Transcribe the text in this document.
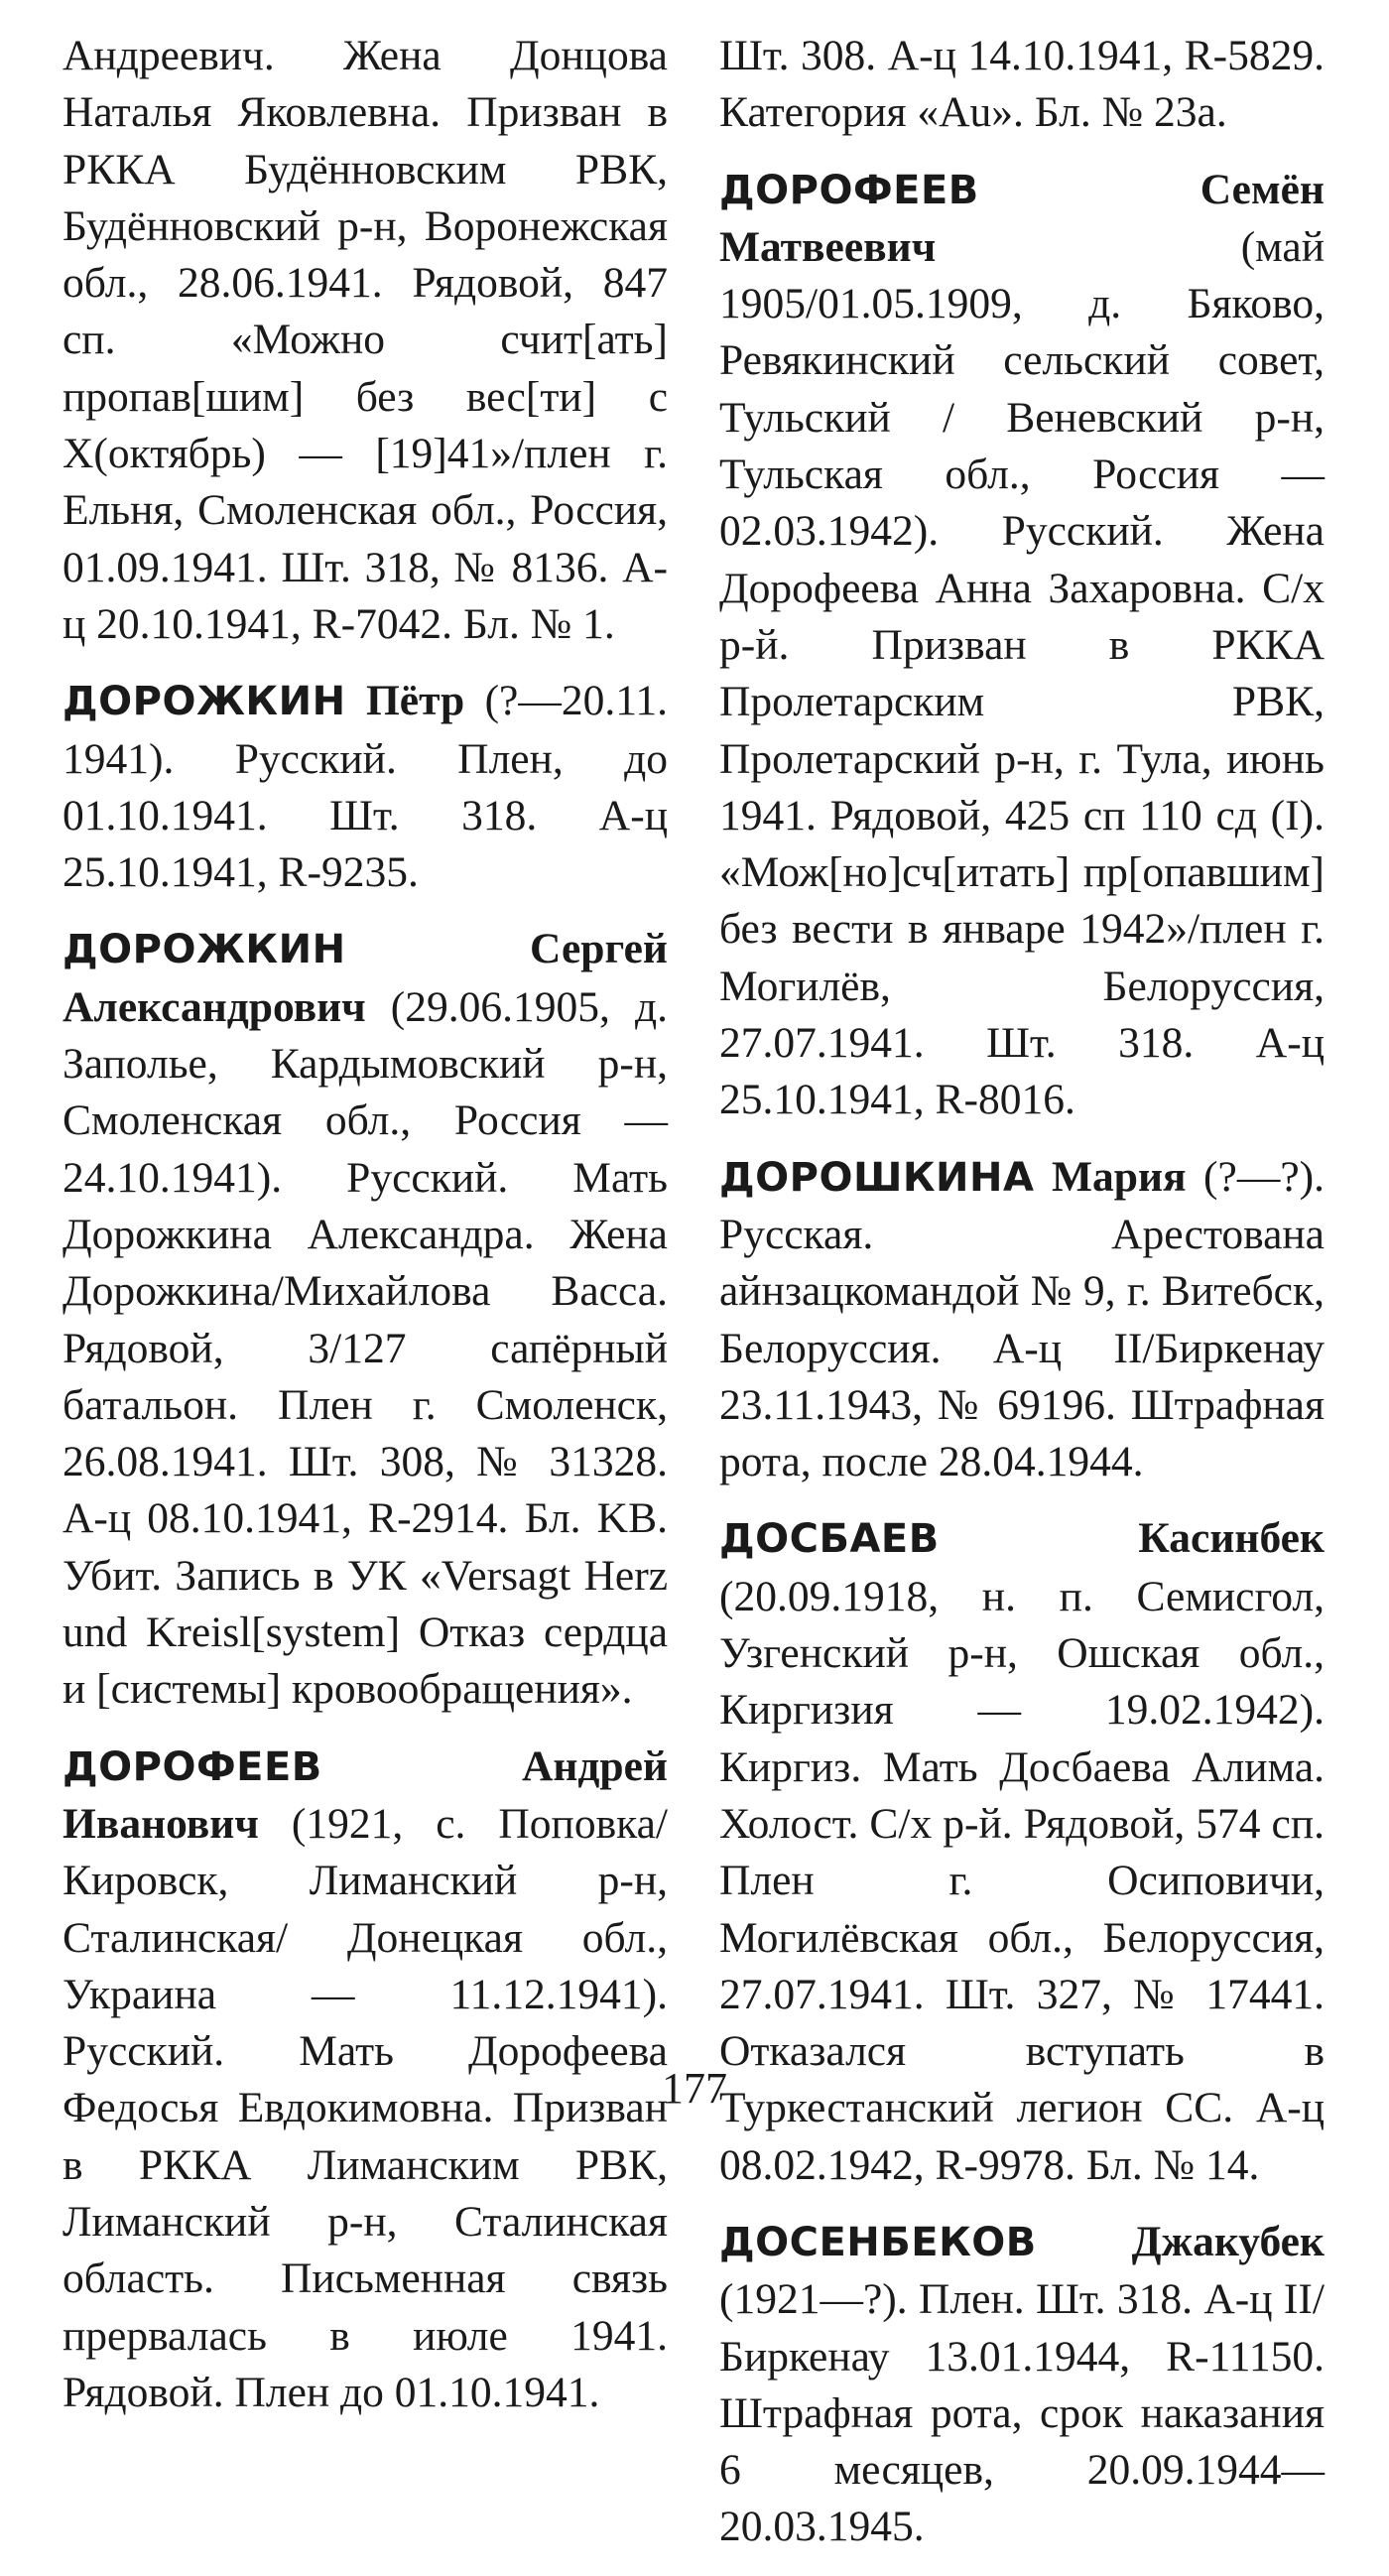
Андреевич. Жена Донцова Наталья Яковлевна. Призван в РККА Будённовским РВК, Будённовский р-н, Воронежская обл., 28.06.1941. Рядовой, 847 сп. «Можно счит[ать] пропав[шим] без вес[ти] с Х(октябрь) — [19]41»/плен г. Ельня, Смоленская обл., Россия, 01.09.1941. Шт. 318, № 8136. А-ц 20.10.1941, R-7042. Бл. № 1.

ДОРОЖКИН Пётр (?—20.11. 1941). Русский. Плен, до 01.10.1941. Шт. 318. А-ц 25.10.1941, R-9235.

ДОРОЖКИН	Сергей Александрович (29.06.1905, д. Заполье, Кардымовский р-н, Смоленская обл., Россия — 24.10.1941). Русский. Мать Дорожкина Александра. Жена Дорожкина/Михайлова Васса. Рядовой, 3/127 сапёрный батальон. Плен г. Смоленск, 26.08.1941. Шт. 308, № 31328. А-ц 08.10.1941, R-2914. Бл. KB. Убит. Запись в УК «Versagt Herz und Kreisl[system] Отказ сердца и [системы] кровообращения».

ДОРОФЕЕВ	Андрей Иванович (1921, с. Поповка/Кировск, Лиманский р-н, Сталинская/ Донецкая обл., Украина — 11.12.1941). Русский. Мать Дорофеева Федосья Евдокимовна. Призван в РККА Лиманским РВК, Лиманский р-н, Сталинская область. Письменная связь прервалась в июле 1941. Рядовой. Плен до 01.10.1941.

Шт. 308. А-ц 14.10.1941, R-5829. Категория «Au». Бл. № 23а.

ДОРОФЕЕВ	Семён Матвеевич (май 1905/01.05.1909, д. Бяково, Ревякинский сельский совет, Тульский / Веневский р-н, Тульская обл., Россия — 02.03.1942). Русский. Жена Дорофеева Анна Захаровна. С/х р-й. Призван в РККА Пролетарским РВК, Пролетарский р-н, г. Тула, июнь 1941. Рядовой, 425 сп 110 сд (I). «Мож[но]сч[итать] пр[опавшим] без вести в январе 1942»/плен г. Могилёв, Белоруссия, 27.07.1941. Шт. 318. А-ц 25.10.1941, R-8016.

ДОРОШКИНА Мария (?—?). Русская. Арестована айнзацкомандой № 9, г. Витебск, Белоруссия. А-ц II/Биркенау 23.11.1943, № 69196. Штрафная рота, после 28.04.1944.

ДОСБАЕВ	Касинбек (20.09.1918, н. п. Семисгол, Узгенский р-н, Ошская обл., Киргизия — 19.02.1942). Киргиз. Мать Досбаева Алима. Холост. С/х р-й. Рядовой, 574 сп. Плен г. Осиповичи, Могилёвская обл., Белоруссия, 27.07.1941. Шт. 327, № 17441. Отказался вступать в Туркестанский легион СС. А-ц 08.02.1942, R-9978. Бл. № 14.

ДОСЕНБЕКОВ Джакубек (1921—?). Плен. Шт. 318. А-ц II/Биркенау 13.01.1944, R-11150. Штрафная рота, срок наказания 6 месяцев, 20.09.1944— 20.03.1945.

177
